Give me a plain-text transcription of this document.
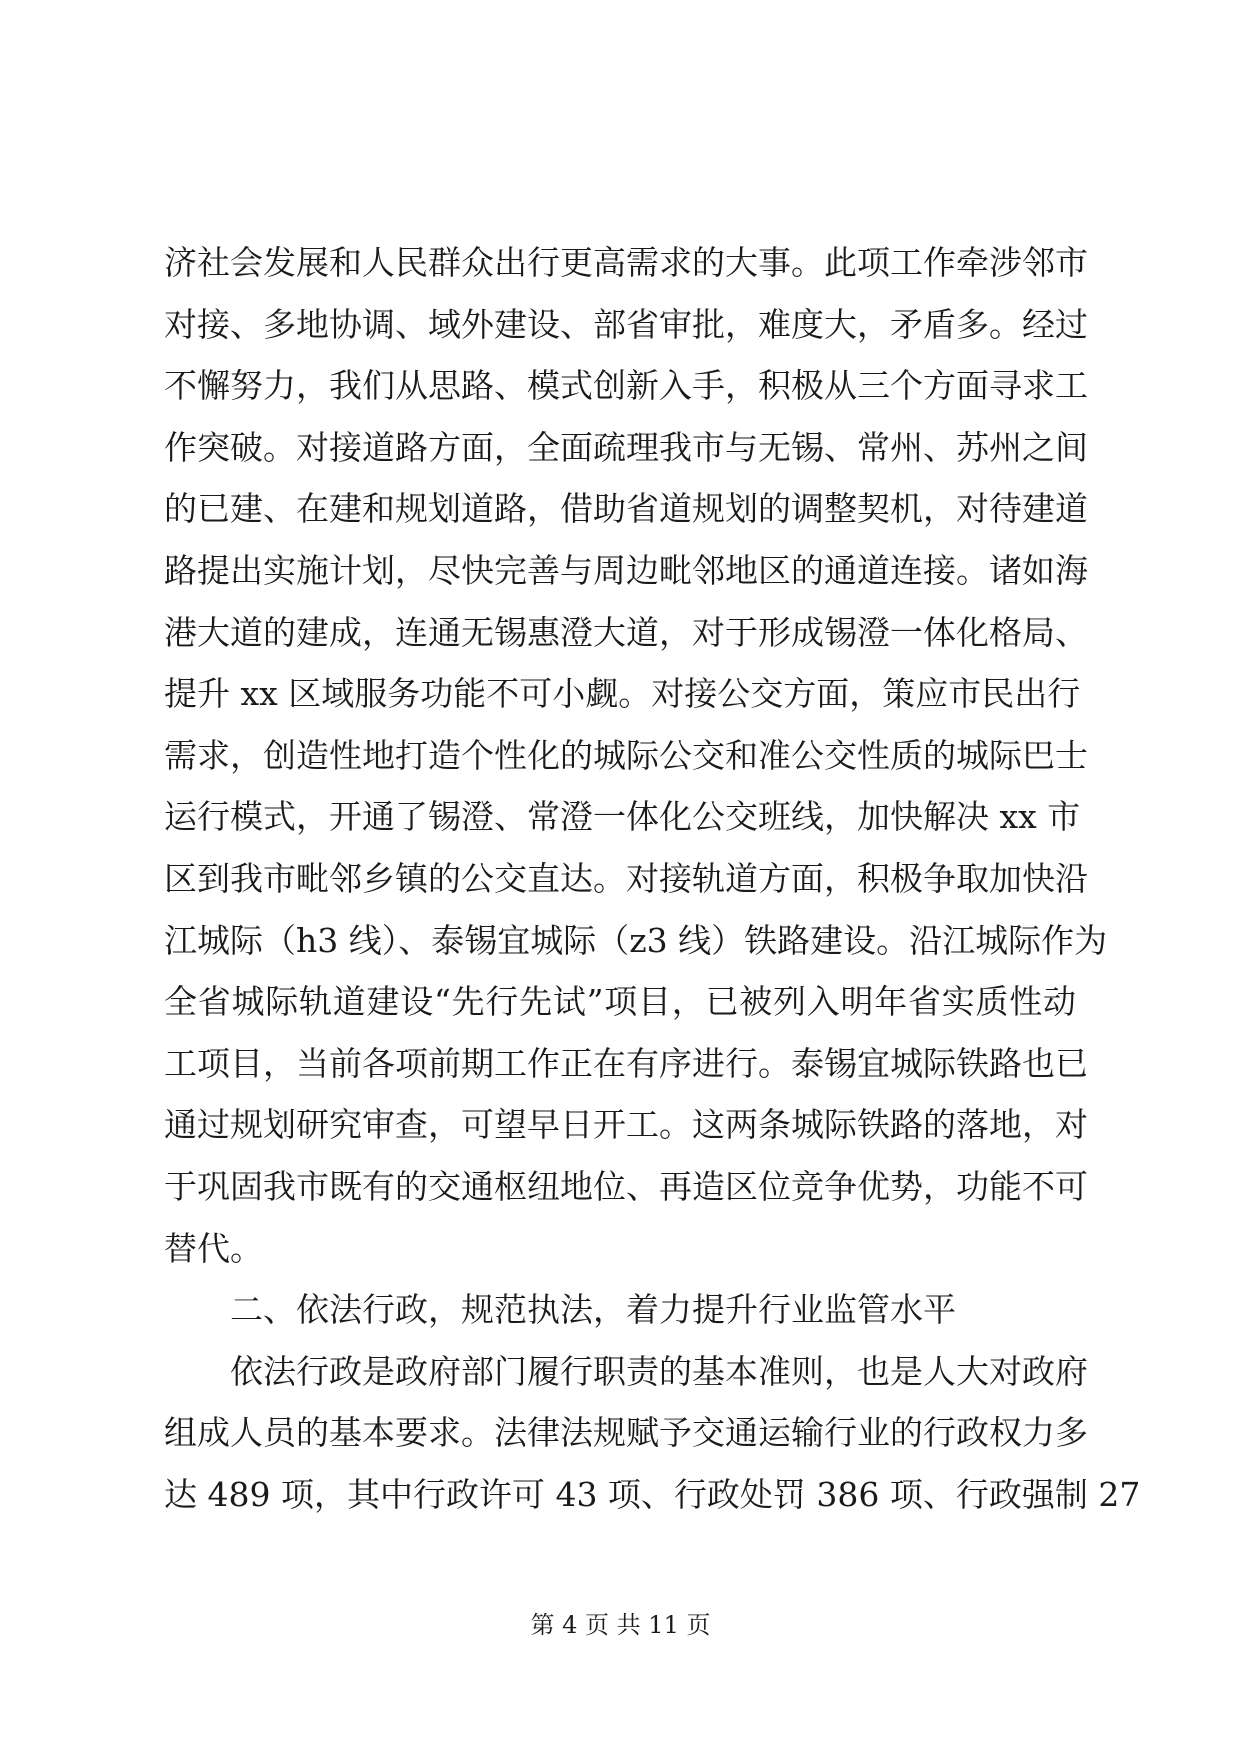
济社会发展和人民群众出行更高需求的大事。此项工作牵涉邻市
对接、多地协调、域外建设、部省审批，难度大，矛盾多。经过
不懈努力，我们从思路、模式创新入手，积极从三个方面寻求工
作突破。对接道路方面，全面疏理我市与无锡、常州、苏州之间
的已建、在建和规划道路，借助省道规划的调整契机，对待建道
路提出实施计划，尽快完善与周边毗邻地区的通道连接。诸如海
港大道的建成，连通无锡惠澄大道，对于形成锡澄一体化格局、
提升 xx 区域服务功能不可小觑。对接公交方面，策应市民出行
需求，创造性地打造个性化的城际公交和准公交性质的城际巴士
运行模式，开通了锡澄、常澄一体化公交班线，加快解决 xx 市
区到我市毗邻乡镇的公交直达。对接轨道方面，积极争取加快沿
江城际（h3 线）、泰锡宜城际（z3 线）铁路建设。沿江城际作为
全省城际轨道建设“先行先试”项目，已被列入明年省实质性动
工项目，当前各项前期工作正在有序进行。泰锡宜城际铁路也已
通过规划研究审查，可望早日开工。这两条城际铁路的落地，对
于巩固我市既有的交通枢纽地位、再造区位竞争优势，功能不可
替代。
二、依法行政，规范执法，着力提升行业监管水平
依法行政是政府部门履行职责的基本准则，也是人大对政府
组成人员的基本要求。法律法规赋予交通运输行业的行政权力多
达 489 项，其中行政许可 43 项、行政处罚 386 项、行政强制 27
第 4 页 共 11 页
